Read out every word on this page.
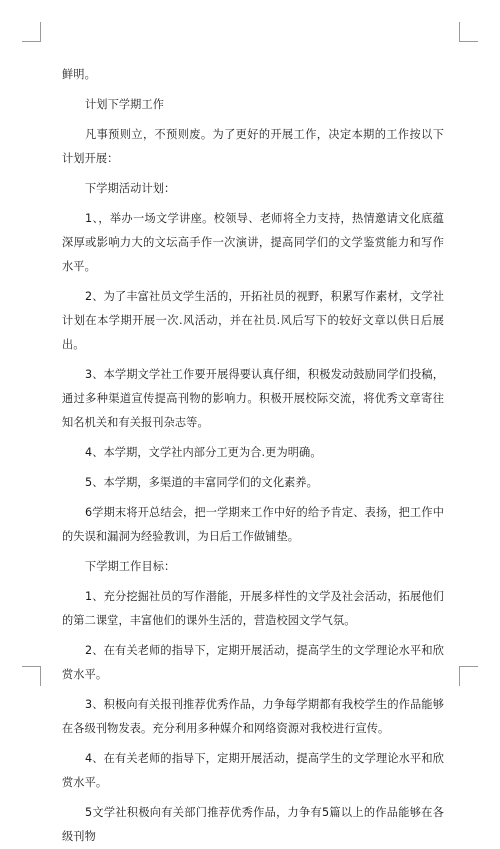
鲜明。

计划下学期工作

凡事预则立，不预则废。为了更好的开展工作，决定本期的工作按以下计划开展：

下学期活动计划：

1、，举办一场文学讲座。校领导、老师将全力支持，热情邀请文化底蕴深厚或影响力大的文坛高手作一次演讲，提高同学们的文学鉴赏能力和写作水平。

2、为了丰富社员文学生活的，开拓社员的视野，积累写作素材，文学社计划在本学期开展一次.风活动，并在社员.风后写下的较好文章以供日后展出。

3、本学期文学社工作要开展得要认真仔细，积极发动鼓励同学们投稿，通过多种渠道宣传提高刊物的影响力。积极开展校际交流，将优秀文章寄往知名机关和有关报刊杂志等。

4、本学期，文学社内部分工更为合.更为明确。

5、本学期，多渠道的丰富同学们的文化素养。

6学期末将开总结会，把一学期来工作中好的给予肯定、表扬，把工作中的失误和漏洞为经验教训，为日后工作做铺垫。

下学期工作目标：

1、充分挖掘社员的写作潜能，开展多样性的文学及社会活动，拓展他们的第二课堂，丰富他们的课外生活的，营造校园文学气氛。

2、在有关老师的指导下，定期开展活动，提高学生的文学理论水平和欣赏水平。

3、积极向有关报刊推荐优秀作品，力争每学期都有我校学生的作品能够在各级刊物发表。充分利用多种媒介和网络资源对我校进行宣传。

4、在有关老师的指导下，定期开展活动，提高学生的文学理论水平和欣赏水平。

5文学社积极向有关部门推荐优秀作品，力争有5篇以上的作品能够在各级刊物
